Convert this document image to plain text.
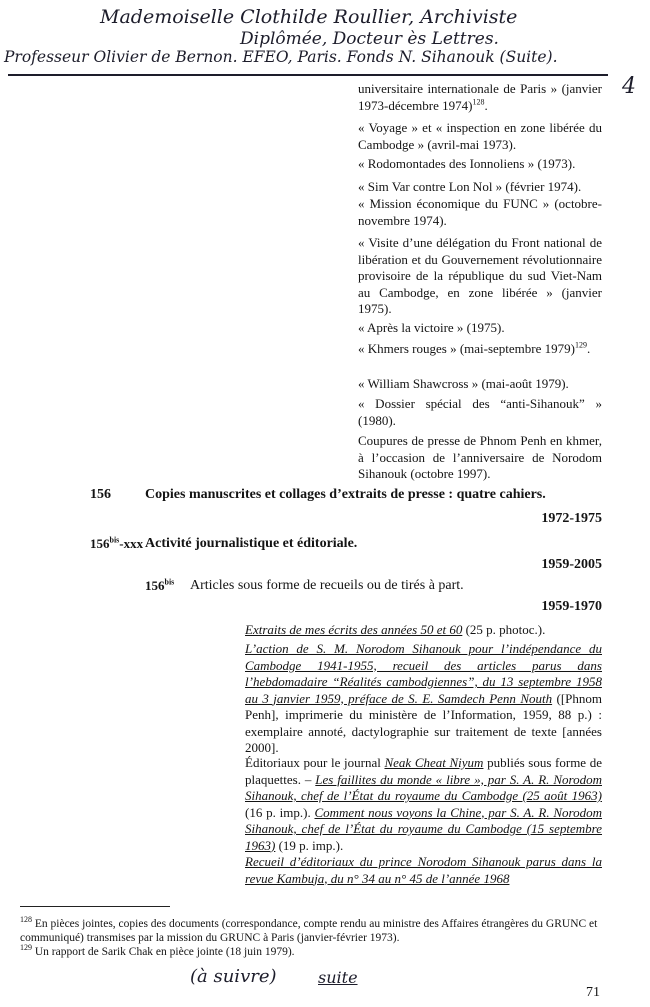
Mademoiselle Clothilde Roullier, Archiviste
Diplômée, Docteur ès Lettres.
Professeur Olivier de Bernon. EFEO, Paris. Fonds N. Sihanouk (Suite).
4
universitaire internationale de Paris » (janvier 1973-décembre 1974)$^{128}$.
« Voyage » et « inspection en zone libérée du Cambodge » (avril-mai 1973).
« Rodomontades des Ionnoliens » (1973).
« Sim Var contre Lon Nol » (février 1974).
« Mission économique du FUNC » (octobre-novembre 1974).
« Visite d’une délégation du Front national de libération et du Gouvernement révolutionnaire provisoire de la république du sud Viet-Nam au Cambodge, en zone libérée » (janvier 1975).
« Après la victoire » (1975).
« Khmers rouges » (mai-septembre 1979)$^{129}$.
« William Shawcross » (mai-août 1979).
« Dossier spécial des “anti-Sihanouk” » (1980).
Coupures de presse de Phnom Penh en khmer, à l’occasion de l’anniversaire de Norodom Sihanouk (octobre 1997).
156 Copies manuscrites et collages d’extraits de presse : quatre cahiers.
1972-1975
$156^{bis}$-xxx Activité journalistique et éditoriale.
1959-2005
$156^{bis}$ Articles sous forme de recueils ou de tirés à part.
1959-1970
Extraits de mes écrits des années 50 et 60 (25 p. photoc.).
L’action de S. M. Norodom Sihanouk pour l’indépendance du Cambodge 1941-1955, recueil des articles parus dans l’hebdomadaire “Réalités cambodgiennes”, du 13 septembre 1958 au 3 janvier 1959, préface de S. E. Samdech Penn Nouth ([Phnom Penh], imprimerie du ministère de l’Information, 1959, 88 p.) : exemplaire annoté, dactylographie sur traitement de texte [années 2000].
Éditoriaux pour le journal Neak Cheat Niyum publiés sous forme de plaquettes. – Les faillites du monde « libre », par S. A. R. Norodom Sihanouk, chef de l’État du royaume du Cambodge (25 août 1963) (16 p. imp.). Comment nous voyons la Chine, par S. A. R. Norodom Sihanouk, chef de l’État du royaume du Cambodge (15 septembre 1963) (19 p. imp.).
Recueil d’éditoriaux du prince Norodom Sihanouk parus dans la revue Kambuja, du n° 34 au n° 45 de l’année 1968
$^{128}$ En pièces jointes, copies des documents (correspondance, compte rendu au ministre des Affaires étrangères du GRUNC et communiqué) transmises par la mission du GRUNC à Paris (janvier-février 1973).
$^{129}$ Un rapport de Sarik Chak en pièce jointe (18 juin 1979).
(à suivre)	suite
71
